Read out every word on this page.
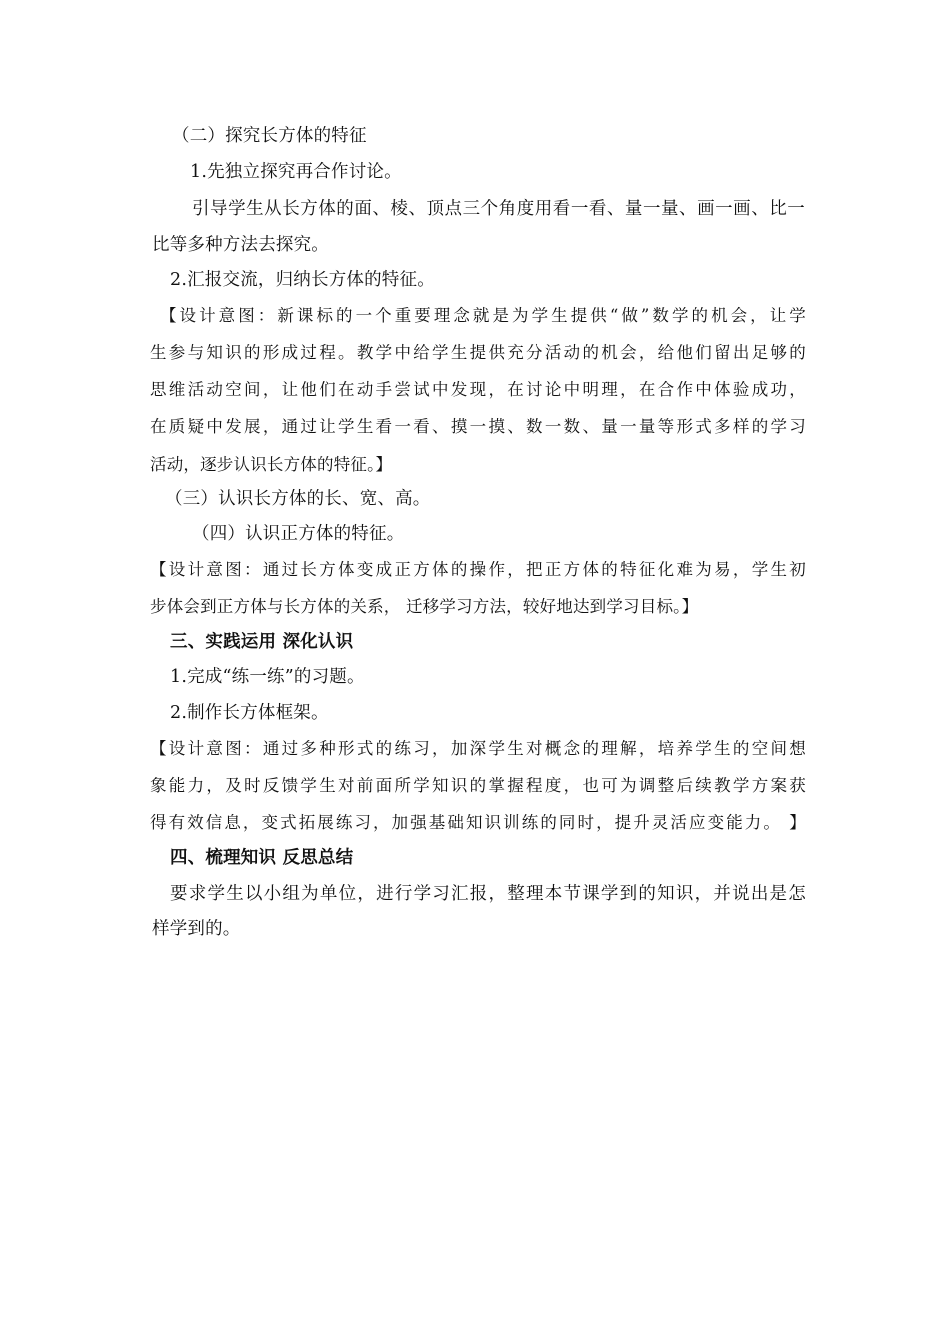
（二）探究长方体的特征
1.先独立探究再合作讨论。
引导学生从长方体的面、棱、顶点三个角度用看一看、量一量、画一画、比一
比等多种方法去探究。
2.汇报交流，归纳长方体的特征。
【设计意图：新课标的一个重要理念就是为学生提供“做”数学的机会，让学
生参与知识的形成过程。教学中给学生提供充分活动的机会，给他们留出足够的
思维活动空间，让他们在动手尝试中发现，在讨论中明理，在合作中体验成功，
在质疑中发展，通过让学生看一看、摸一摸、数一数、量一量等形式多样的学习
活动，逐步认识长方体的特征。】
（三）认识长方体的长、宽、高。
（四）认识正方体的特征。
【设计意图：通过长方体变成正方体的操作，把正方体的特征化难为易，学生初
步体会到正方体与长方体的关系， 迁移学习方法，较好地达到学习目标。】
三、实践运用 深化认识
1.完成“练一练”的习题。
2.制作长方体框架。
【设计意图：通过多种形式的练习，加深学生对概念的理解，培养学生的空间想
象能力，及时反馈学生对前面所学知识的掌握程度，也可为调整后续教学方案获
得有效信息，变式拓展练习，加强基础知识训练的同时，提升灵活应变能力。 】
四、梳理知识 反思总结
要求学生以小组为单位，进行学习汇报，整理本节课学到的知识，并说出是怎
样学到的。
